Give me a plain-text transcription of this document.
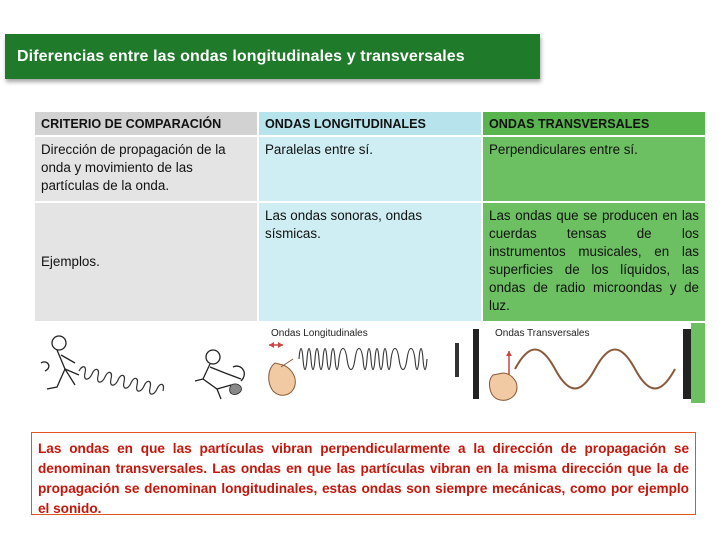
Diferencias entre las ondas longitudinales y transversales
CRITERIO DE COMPARACIÓN	ONDAS LONGITUDINALES	ONDAS TRANSVERSALES
Dirección de propagación de la onda y movimiento de las partículas de la onda.	Paralelas entre sí.	Perpendiculares entre sí.
Ejemplos.	Las ondas sonoras, ondas sísmicas.	Las ondas que se producen en las cuerdas tensas de los instrumentos musicales, en las superficies de los líquidos, las ondas de radio microondas y de luz.

Ondas Longitudinales	Ondas Transversales
Las ondas en que las partículas vibran perpendicularmente a la dirección de propagación se denominan transversales. Las ondas en que las partículas vibran en la misma dirección que la de propagación se denominan longitudinales, estas ondas son siempre mecánicas, como por ejemplo el sonido.
